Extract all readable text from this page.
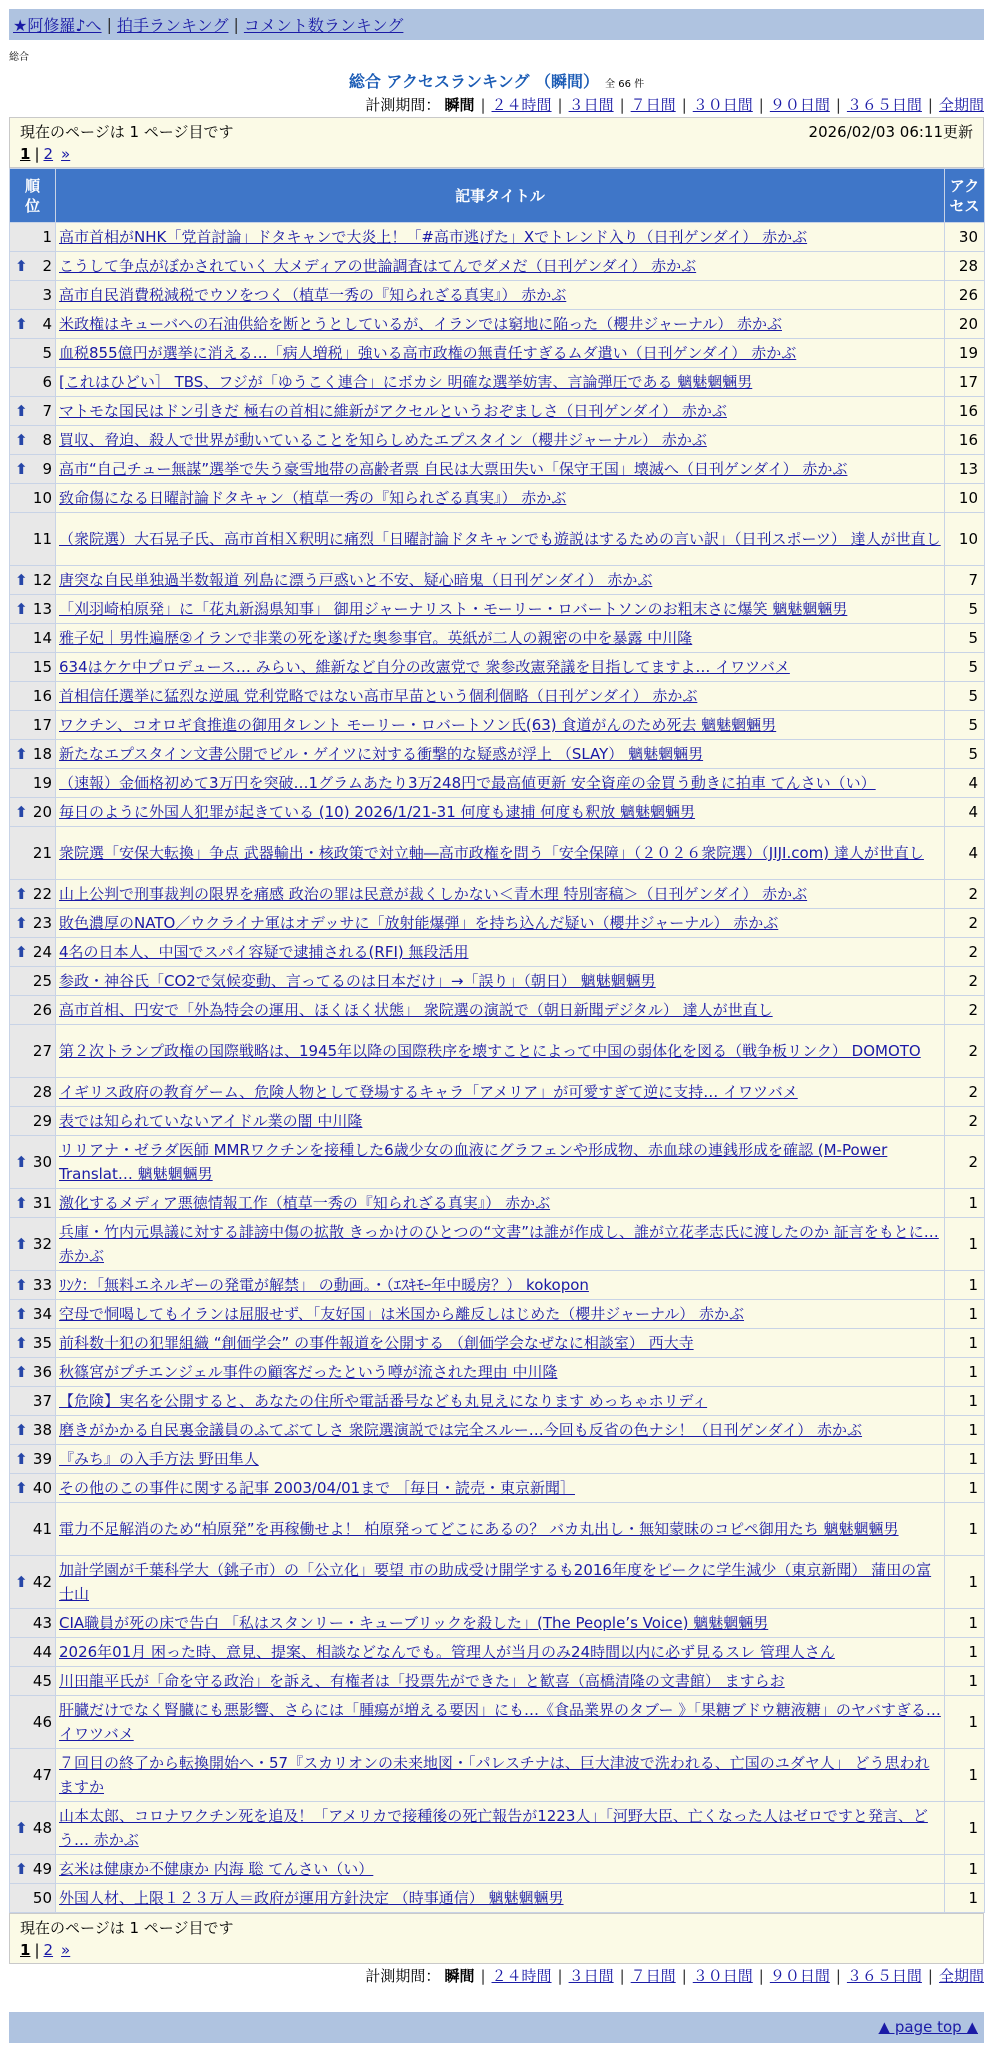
★阿修羅♪へ | 拍手ランキング | コメント数ランキング
総合
総合 アクセスランキング （瞬間） 全 66 件
計測期間： 瞬間 | ２４時間 | ３日間 | ７日間 | ３０日間 | ９０日間 | ３６５日間 | 全期間
現在のページは 1 ページ目です	2026/02/03 06:11更新
1 | 2 »
順
位	記事タイトル	アク
セス
1	高市首相がNHK「党首討論」ドタキャンで大炎上！「#高市逃げた」Xでトレンド入り（日刊ゲンダイ） 赤かぶ	30

⬆ 2	こうして争点がぼかされていく 大メディアの世論調査はてんでダメだ（日刊ゲンダイ） 赤かぶ	28
3	高市自民消費税減税でウソをつく（植草一秀の『知られざる真実』） 赤かぶ	26

⬆ 4	米政権はキューバへの石油供給を断とうとしているが、イランでは窮地に陥った（櫻井ジャーナル） 赤かぶ	20
5	血税855億円が選挙に消える…「病人増税」強いる高市政権の無責任すぎるムダ遣い（日刊ゲンダイ） 赤かぶ	19
6	[これはひどい］ TBS、フジが「ゆうこく連合」にボカシ 明確な選挙妨害、言論弾圧である 魑魅魍魎男	17

⬆ 7	マトモな国民はドン引きだ 極右の首相に維新がアクセルというおぞましさ（日刊ゲンダイ） 赤かぶ	16

⬆ 8	買収、脅迫、殺人で世界が動いていることを知らしめたエプスタイン（櫻井ジャーナル） 赤かぶ	16

⬆ 9	高市“自己チュー無謀”選挙で失う豪雪地帯の高齢者票 自民は大票田失い「保守王国」壊滅へ（日刊ゲンダイ） 赤かぶ	13
10	致命傷になる日曜討論ドタキャン（植草一秀の『知られざる真実』） 赤かぶ	10
11	（衆院選）大石晃子氏、高市首相Ｘ釈明に痛烈「日曜討論ドタキャンでも遊説はするための言い訳」（日刊スポーツ） 達人が世直し	10

⬆ 12	唐突な自民単独過半数報道 列島に漂う戸惑いと不安、疑心暗鬼（日刊ゲンダイ） 赤かぶ	7

⬆ 13	「刈羽崎柏原発」に「花丸新潟県知事」 御用ジャーナリスト・モーリー・ロバートソンのお粗末さに爆笑 魑魅魍魎男	5
14	雅子妃｜男性遍歴②イランで非業の死を遂げた奥参事官。英紙が二人の親密の中を暴露 中川隆	5
15	634はケケ中プロデュース… みらい、維新など自分の改憲党で 衆参改憲発議を目指してますよ… イワツバメ	5
16	首相信任選挙に猛烈な逆風 党利党略ではない高市早苗という個利個略（日刊ゲンダイ） 赤かぶ	5
17	ワクチン、コオロギ食推進の御用タレント モーリー・ロバートソン氏(63) 食道がんのため死去 魑魅魍魎男	5

⬆ 18	新たなエプスタイン文書公開でビル・ゲイツに対する衝撃的な疑惑が浮上 （SLAY） 魑魅魍魎男	5
19	（速報）金価格初めて3万円を突破…1グラムあたり3万248円で最高値更新 安全資産の金買う動きに拍車 てんさい（い）	4

⬆ 20	毎日のように外国人犯罪が起きている (10) 2026/1/21-31 何度も逮捕 何度も釈放 魑魅魍魎男	4
21	衆院選「安保大転換」争点 武器輸出・核政策で対立軸―高市政権を問う「安全保障」（２０２６衆院選）（JIJI.com) 達人が世直し	4

⬆ 22	山上公判で刑事裁判の限界を痛感 政治の罪は民意が裁くしかない＜青木理 特別寄稿＞（日刊ゲンダイ） 赤かぶ	2

⬆ 23	敗色濃厚のNATO／ウクライナ軍はオデッサに「放射能爆弾」を持ち込んだ疑い（櫻井ジャーナル） 赤かぶ	2

⬆ 24	4名の日本人、中国でスパイ容疑で逮捕される(RFI) 無段活用	2
25	参政・神谷氏「CO2で気候変動、言ってるのは日本だけ」→「誤り」（朝日） 魑魅魍魎男	2
26	高市首相、円安で「外為特会の運用、ほくほく状態」 衆院選の演説で（朝日新聞デジタル） 達人が世直し	2
27	第２次トランプ政権の国際戦略は、1945年以降の国際秩序を壊すことによって中国の弱体化を図る（戦争板リンク） DOMOTO	2
28	イギリス政府の教育ゲーム、危険人物として登場するキャラ「アメリア」が可愛すぎて逆に支持… イワツバメ	2
29	表では知られていないアイドル業の闇 中川隆	2

⬆ 30	リリアナ・ゼラダ医師 MMRワクチンを接種した6歳少女の血液にグラフェンや形成物、赤血球の連銭形成を確認 (M-Power Translat… 魑魅魍魎男	2

⬆ 31	激化するメディア悪徳情報工作（植草一秀の『知られざる真実』） 赤かぶ	1

⬆ 32	兵庫・竹内元県議に対する誹謗中傷の拡散 きっかけのひとつの“文書”は誰が作成し、誰が立花孝志氏に渡したのか 証言をもとに… 赤かぶ	1

⬆ 33	ﾘﾝｸ：「無料エネルギーの発電が解禁」 の動画。・（ｴｽｷﾓｰ年中暖房？） kokopon	1

⬆ 34	空母で恫喝してもイランは屈服せず、「友好国」は米国から離反しはじめた（櫻井ジャーナル） 赤かぶ	1

⬆ 35	前科数十犯の犯罪組織 “創価学会” の事件報道を公開する （創価学会なぜなに相談室） 西大寺	1

⬆ 36	秋篠宮がプチエンジェル事件の顧客だったという噂が流された理由 中川隆	1
37	【危険】実名を公開すると、あなたの住所や電話番号なども丸見えになります めっちゃホリディ	1

⬆ 38	磨きがかかる自民裏金議員のふてぶてしさ 衆院選演説では完全スルー…今回も反省の色ナシ！（日刊ゲンダイ） 赤かぶ	1

⬆ 39	『みち』の入手方法 野田隼人	1

⬆ 40	その他のこの事件に関する記事 2003/04/01まで ［毎日・読売・東京新聞］	1
41	電力不足解消のため“柏原発”を再稼働せよ！ 柏原発ってどこにあるの？ バカ丸出し・無知蒙昧のコピペ御用たち 魑魅魍魎男	1

⬆ 42	加計学園が千葉科学大（銚子市）の「公立化」要望 市の助成受け開学するも2016年度をピークに学生減少（東京新聞） 蒲田の富士山	1
43	CIA職員が死の床で告白 「私はスタンリー・キューブリックを殺した」(The People’s Voice) 魑魅魍魎男	1
44	2026年01月 困った時、意見、提案、相談などなんでも。管理人が当月のみ24時間以内に必ず見るスレ 管理人さん	1
45	川田龍平氏が「命を守る政治」を訴え、有権者は「投票先ができた」と歓喜（高橋清隆の文書館） ますらお	1
46	肝臓だけでなく腎臓にも悪影響、さらには「腫瘍が増える要因」にも…《食品業界のタブー 》「果糖ブドウ糖液糖」のヤバすぎる… イワツバメ	1
47	７回目の終了から転換開始へ・57『スカリオンの未来地図・「パレスチナは、巨大津波で洗われる、亡国のユダヤ人」 どう思われますか	1

⬆ 48	山本太郎、コロナワクチン死を追及！「アメリカで接種後の死亡報告が1223人」「河野大臣、亡くなった人はゼロですと発言、どう… 赤かぶ	1

⬆ 49	玄米は健康か不健康か 内海 聡 てんさい（い）	1
50	外国人材、上限１２３万人＝政府が運用方針決定 （時事通信） 魑魅魍魎男	1
現在のページは 1 ページ目です
1 | 2 »
計測期間： 瞬間 | ２４時間 | ３日間 | ７日間 | ３０日間 | ９０日間 | ３６５日間 | 全期間
▲ page top ▲
